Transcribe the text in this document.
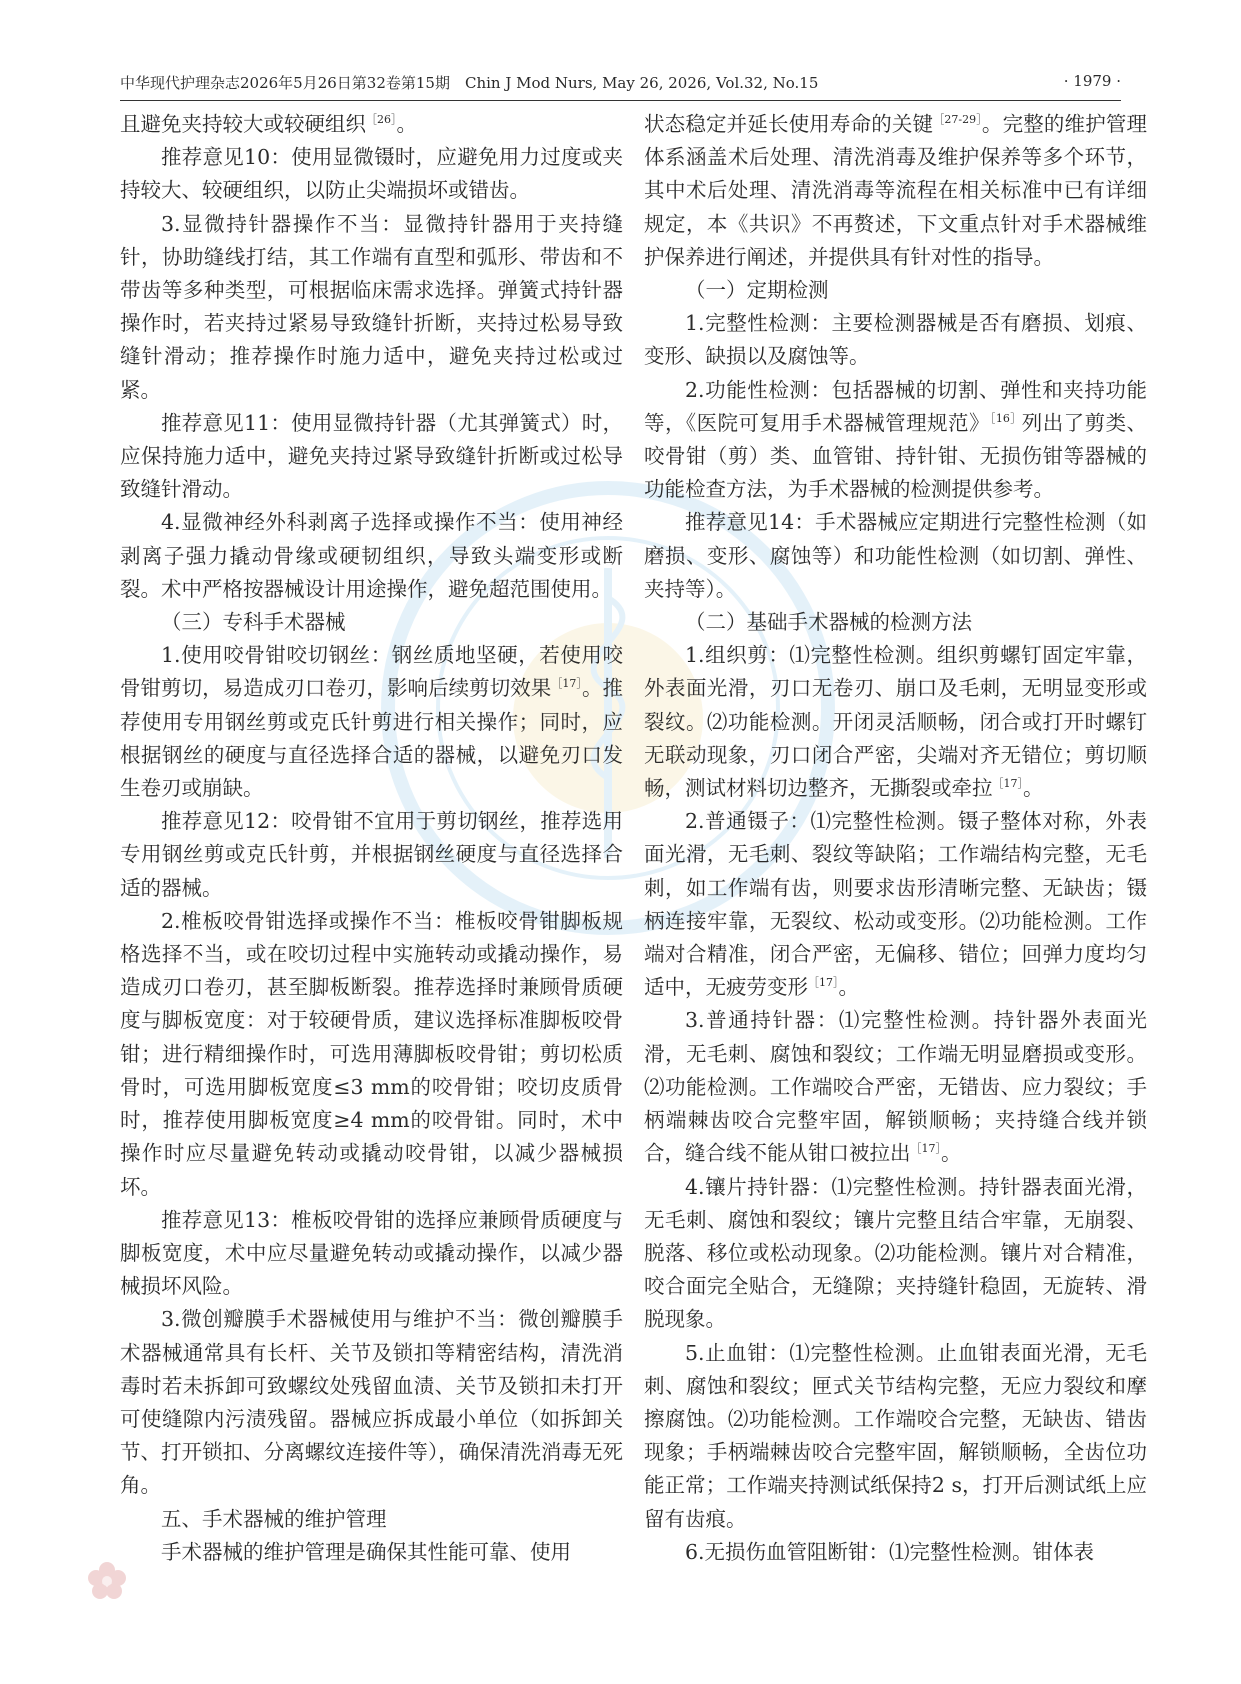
中华现代护理杂志2026年5月26日第32卷第15期　Chin J Mod Nurs, May 26, 2026, Vol.32, No.15	· 1979 ·

且避免夹持较大或较硬组织$^{[26]}$。

推荐意见10：使用显微镊时，应避免用力过度或夹持较大、较硬组织，以防止尖端损坏或错齿。

3.显微持针器操作不当：显微持针器用于夹持缝针，协助缝线打结，其工作端有直型和弧形、带齿和不带齿等多种类型，可根据临床需求选择。弹簧式持针器操作时，若夹持过紧易导致缝针折断，夹持过松易导致缝针滑动；推荐操作时施力适中，避免夹持过松或过紧。

推荐意见11：使用显微持针器（尤其弹簧式）时，应保持施力适中，避免夹持过紧导致缝针折断或过松导致缝针滑动。

4.显微神经外科剥离子选择或操作不当：使用神经剥离子强力撬动骨缘或硬韧组织，导致头端变形或断裂。术中严格按器械设计用途操作，避免超范围使用。

（三）专科手术器械

1.使用咬骨钳咬切钢丝：钢丝质地坚硬，若使用咬骨钳剪切，易造成刃口卷刃，影响后续剪切效果$^{[17]}$。推荐使用专用钢丝剪或克氏针剪进行相关操作；同时，应根据钢丝的硬度与直径选择合适的器械，以避免刃口发生卷刃或崩缺。

推荐意见12：咬骨钳不宜用于剪切钢丝，推荐选用专用钢丝剪或克氏针剪，并根据钢丝硬度与直径选择合适的器械。

2.椎板咬骨钳选择或操作不当：椎板咬骨钳脚板规格选择不当，或在咬切过程中实施转动或撬动操作，易造成刃口卷刃，甚至脚板断裂。推荐选择时兼顾骨质硬度与脚板宽度：对于较硬骨质，建议选择标准脚板咬骨钳；进行精细操作时，可选用薄脚板咬骨钳；剪切松质骨时，可选用脚板宽度≤3 mm的咬骨钳；咬切皮质骨时，推荐使用脚板宽度≥4 mm的咬骨钳。同时，术中操作时应尽量避免转动或撬动咬骨钳，以减少器械损坏。

推荐意见13：椎板咬骨钳的选择应兼顾骨质硬度与脚板宽度，术中应尽量避免转动或撬动操作，以减少器械损坏风险。

3.微创瓣膜手术器械使用与维护不当：微创瓣膜手术器械通常具有长杆、关节及锁扣等精密结构，清洗消毒时若未拆卸可致螺纹处残留血渍、关节及锁扣未打开可使缝隙内污渍残留。器械应拆成最小单位（如拆卸关节、打开锁扣、分离螺纹连接件等），确保清洗消毒无死角。

五、手术器械的维护管理

手术器械的维护管理是确保其性能可靠、使用

状态稳定并延长使用寿命的关键$^{[27-29]}$。完整的维护管理体系涵盖术后处理、清洗消毒及维护保养等多个环节，其中术后处理、清洗消毒等流程在相关标准中已有详细规定，本《共识》不再赘述，下文重点针对手术器械维护保养进行阐述，并提供具有针对性的指导。

（一）定期检测

1.完整性检测：主要检测器械是否有磨损、划痕、变形、缺损以及腐蚀等。

2.功能性检测：包括器械的切割、弹性和夹持功能等，《医院可复用手术器械管理规范》$^{[16]}$列出了剪类、咬骨钳（剪）类、血管钳、持针钳、无损伤钳等器械的功能检查方法，为手术器械的检测提供参考。

推荐意见14：手术器械应定期进行完整性检测（如磨损、变形、腐蚀等）和功能性检测（如切割、弹性、夹持等）。

（二）基础手术器械的检测方法

1.组织剪：⑴完整性检测。组织剪螺钉固定牢靠，外表面光滑，刃口无卷刃、崩口及毛刺，无明显变形或裂纹。⑵功能检测。开闭灵活顺畅，闭合或打开时螺钉无联动现象，刃口闭合严密，尖端对齐无错位；剪切顺畅，测试材料切边整齐，无撕裂或牵拉$^{[17]}$。

2.普通镊子：⑴完整性检测。镊子整体对称，外表面光滑，无毛刺、裂纹等缺陷；工作端结构完整，无毛刺，如工作端有齿，则要求齿形清晰完整、无缺齿；镊柄连接牢靠，无裂纹、松动或变形。⑵功能检测。工作端对合精准，闭合严密，无偏移、错位；回弹力度均匀适中，无疲劳变形$^{[17]}$。

3.普通持针器：⑴完整性检测。持针器外表面光滑，无毛刺、腐蚀和裂纹；工作端无明显磨损或变形。⑵功能检测。工作端咬合严密，无错齿、应力裂纹；手柄端棘齿咬合完整牢固，解锁顺畅；夹持缝合线并锁合，缝合线不能从钳口被拉出$^{[17]}$。

4.镶片持针器：⑴完整性检测。持针器表面光滑，无毛刺、腐蚀和裂纹；镶片完整且结合牢靠，无崩裂、脱落、移位或松动现象。⑵功能检测。镶片对合精准，咬合面完全贴合，无缝隙；夹持缝针稳固，无旋转、滑脱现象。

5.止血钳：⑴完整性检测。止血钳表面光滑，无毛刺、腐蚀和裂纹；匣式关节结构完整，无应力裂纹和摩擦腐蚀。⑵功能检测。工作端咬合完整，无缺齿、错齿现象；手柄端棘齿咬合完整牢固，解锁顺畅，全齿位功能正常；工作端夹持测试纸保持2 s，打开后测试纸上应留有齿痕。

6.无损伤血管阻断钳：⑴完整性检测。钳体表
